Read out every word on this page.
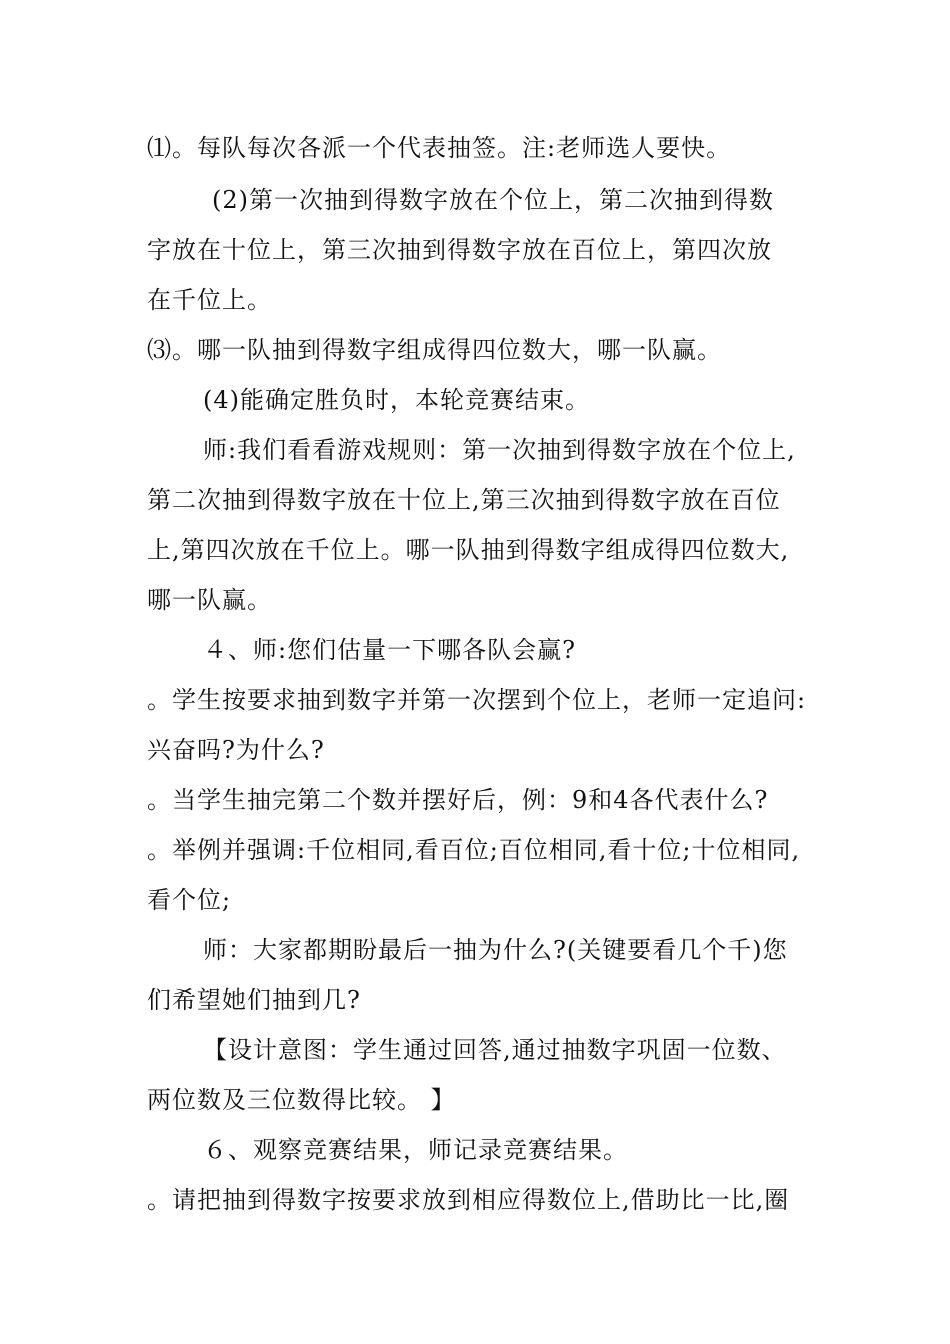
⑴。每队每次各派一个代表抽签。注:老师选人要快。
(2)第一次抽到得数字放在个位上，第二次抽到得数
字放在十位上，第三次抽到得数字放在百位上，第四次放
在千位上。
⑶。哪一队抽到得数字组成得四位数大，哪一队赢。
(4)能确定胜负时，本轮竞赛结束。
师:我们看看游戏规则：第一次抽到得数字放在个位上,
第二次抽到得数字放在十位上,第三次抽到得数字放在百位
上,第四次放在千位上。哪一队抽到得数字组成得四位数大,
哪一队赢。
４、师:您们估量一下哪各队会赢?
。学生按要求抽到数字并第一次摆到个位上，老师一定追问:
兴奋吗?为什么?
。当学生抽完第二个数并摆好后，例：9和4各代表什么?
。举例并强调:千位相同,看百位;百位相同,看十位;十位相同,
看个位;
师：大家都期盼最后一抽为什么?(关键要看几个千)您
们希望她们抽到几?
【设计意图：学生通过回答,通过抽数字巩固一位数、
两位数及三位数得比较。 】
６、观察竞赛结果，师记录竞赛结果。
。请把抽到得数字按要求放到相应得数位上,借助比一比,圈
